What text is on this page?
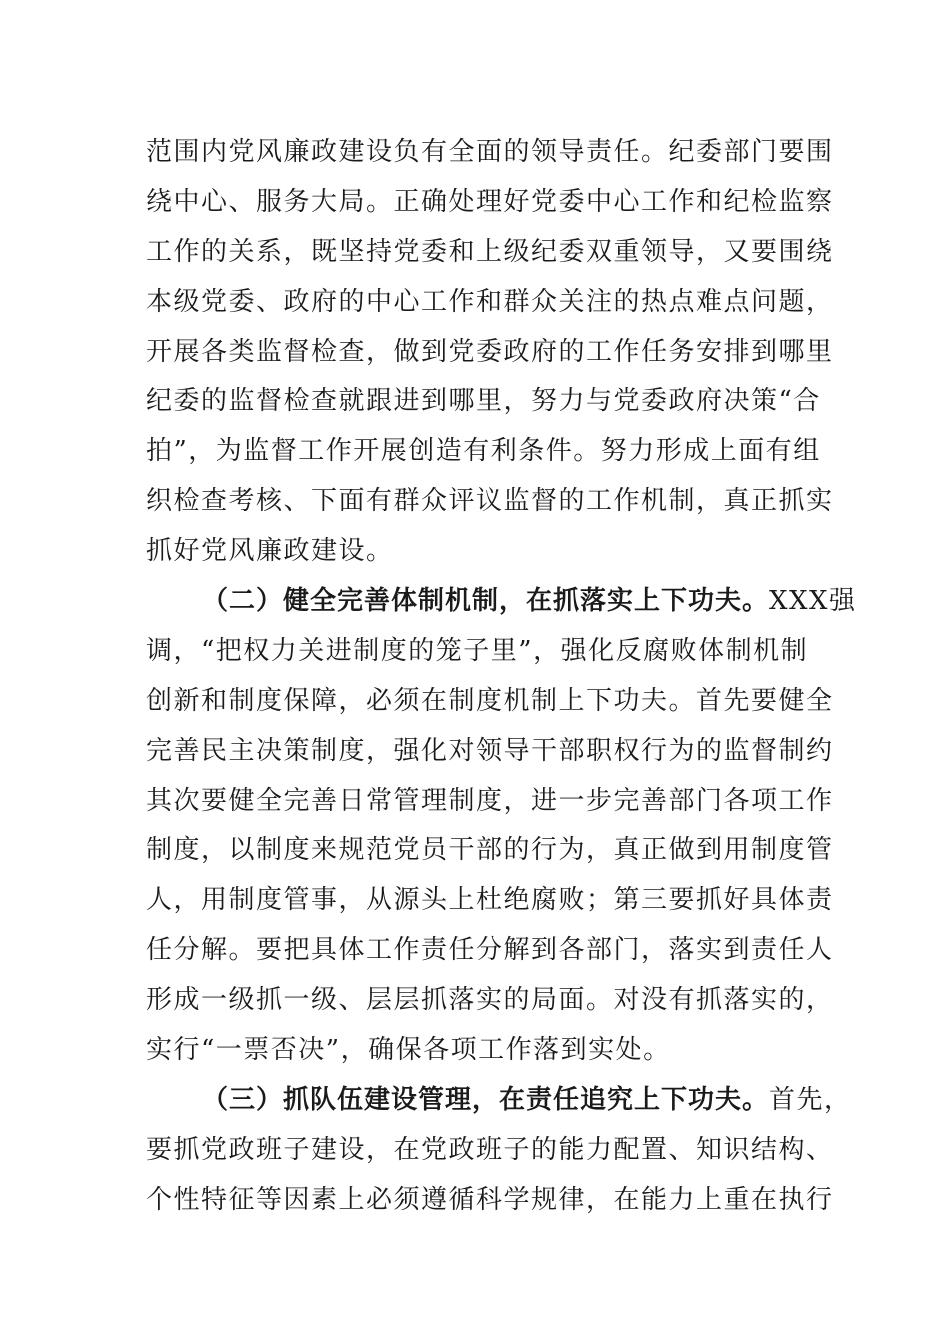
范围内党风廉政建设负有全面的领导责任。纪委部门要围
绕中心、服务大局。正确处理好党委中心工作和纪检监察
工作的关系，既坚持党委和上级纪委双重领导，又要围绕
本级党委、政府的中心工作和群众关注的热点难点问题，
开展各类监督检查，做到党委政府的工作任务安排到哪里
纪委的监督检查就跟进到哪里，努力与党委政府决策“合
拍”，为监督工作开展创造有利条件。努力形成上面有组
织检查考核、下面有群众评议监督的工作机制，真正抓实
抓好党风廉政建设。
（二）健全完善体制机制，在抓落实上下功夫。XXX强
调，“把权力关进制度的笼子里”，强化反腐败体制机制
创新和制度保障，必须在制度机制上下功夫。首先要健全
完善民主决策制度，强化对领导干部职权行为的监督制约
其次要健全完善日常管理制度，进一步完善部门各项工作
制度，以制度来规范党员干部的行为，真正做到用制度管
人，用制度管事，从源头上杜绝腐败；第三要抓好具体责
任分解。要把具体工作责任分解到各部门，落实到责任人
形成一级抓一级、层层抓落实的局面。对没有抓落实的，
实行“一票否决”，确保各项工作落到实处。
（三）抓队伍建设管理，在责任追究上下功夫。首先，
要抓党政班子建设，在党政班子的能力配置、知识结构、
个性特征等因素上必须遵循科学规律，在能力上重在执行
